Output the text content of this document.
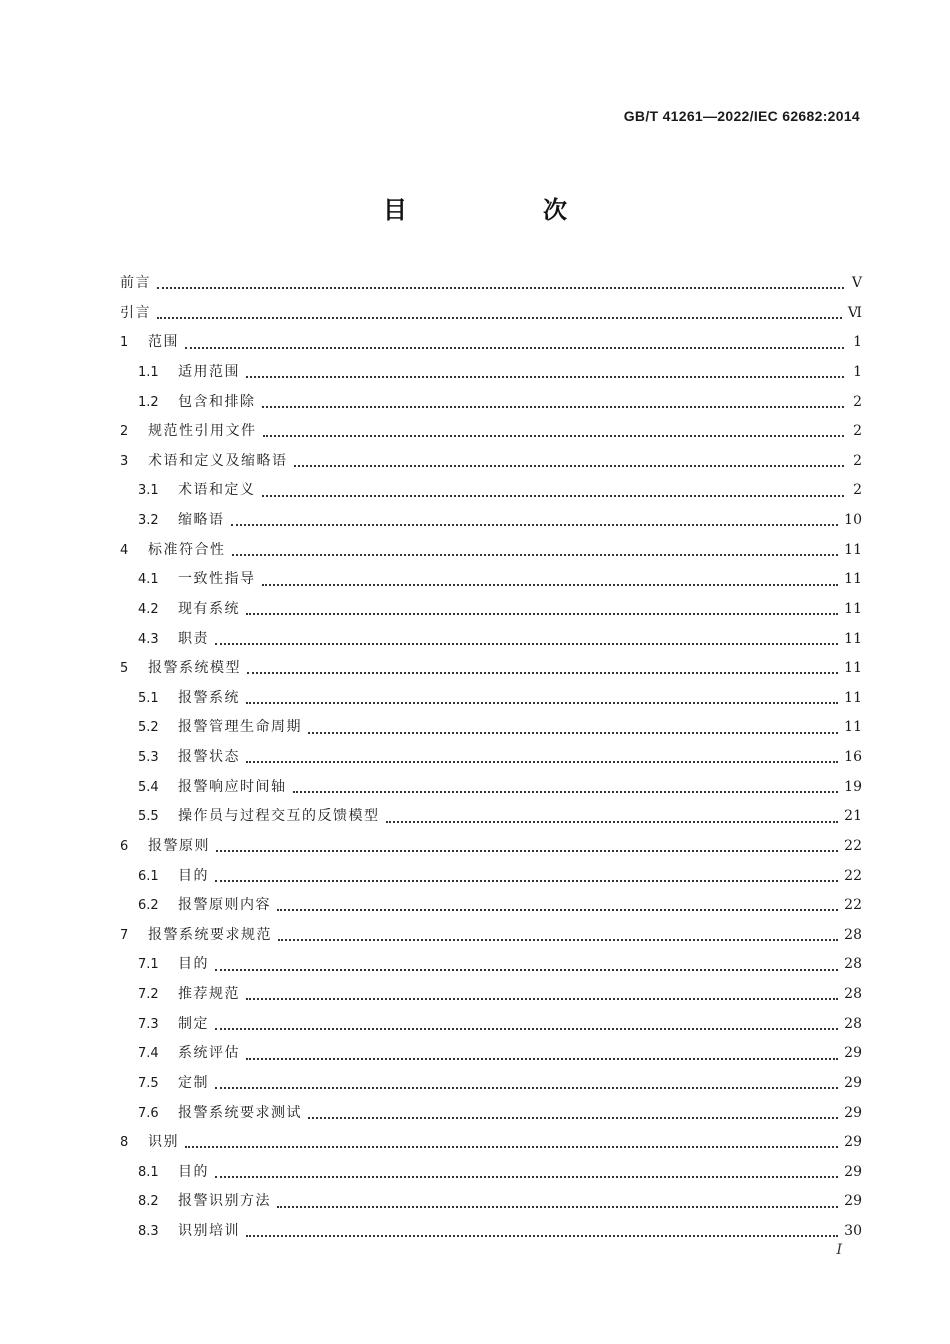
GB/T 41261—2022/IEC 62682:2014
目　次
前言	V
引言	Ⅵ
1	范围	1
1.1	适用范围	1
1.2	包含和排除	2
2	规范性引用文件	2
3	术语和定义及缩略语	2
3.1	术语和定义	2
3.2	缩略语	10
4	标准符合性	11
4.1	一致性指导	11
4.2	现有系统	11
4.3	职责	11
5	报警系统模型	11
5.1	报警系统	11
5.2	报警管理生命周期	11
5.3	报警状态	16
5.4	报警响应时间轴	19
5.5	操作员与过程交互的反馈模型	21
6	报警原则	22
6.1	目的	22
6.2	报警原则内容	22
7	报警系统要求规范	28
7.1	目的	28
7.2	推荐规范	28
7.3	制定	28
7.4	系统评估	29
7.5	定制	29
7.6	报警系统要求测试	29
8	识别	29
8.1	目的	29
8.2	报警识别方法	29
8.3	识别培训	30
I
